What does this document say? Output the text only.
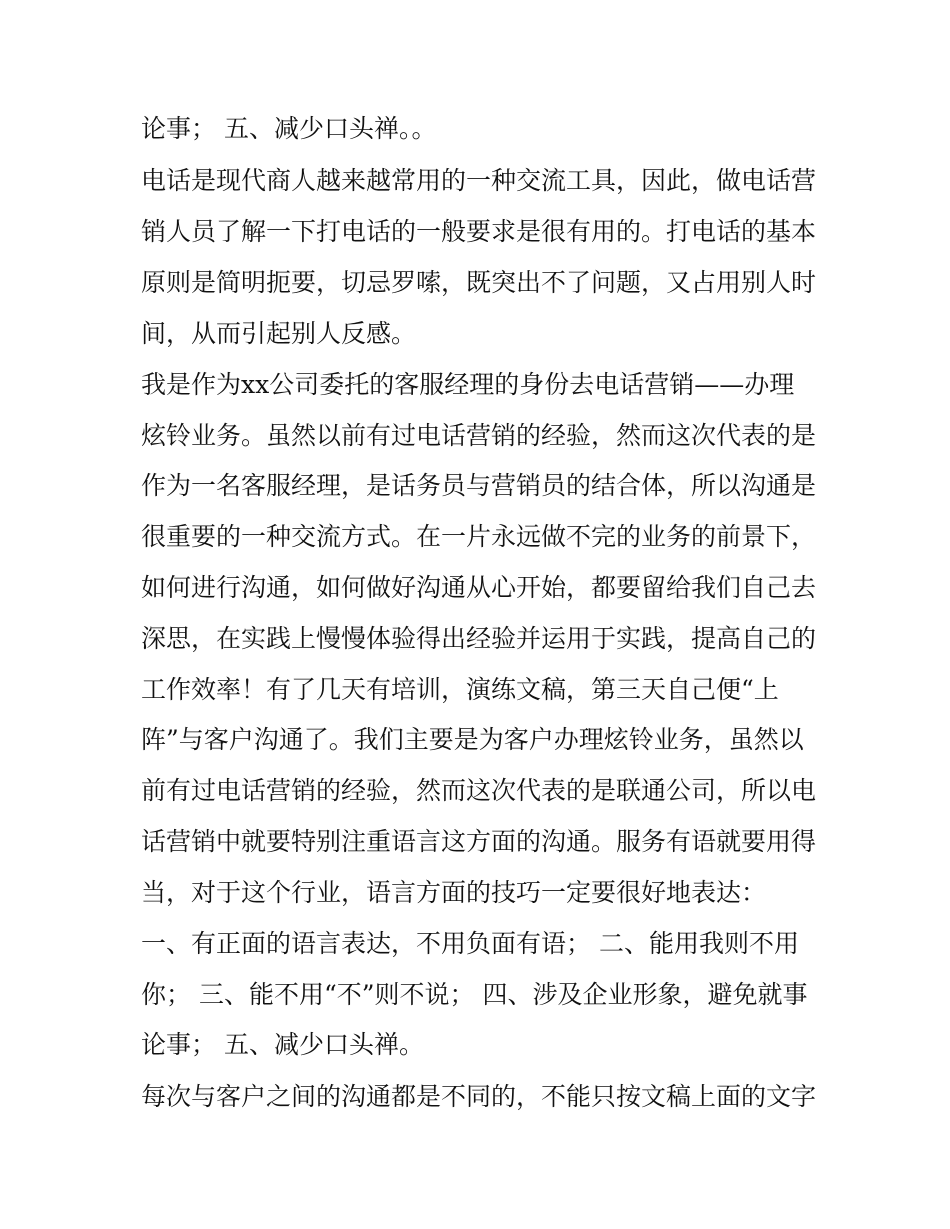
论事； 五、减少口头禅。。

电话是现代商人越来越常用的一种交流工具，因此，做电话营

销人员了解一下打电话的一般要求是很有用的。打电话的基本

原则是简明扼要，切忌罗嗦，既突出不了问题，又占用别人时

间，从而引起别人反感。

我是作为xx公司委托的客服经理的身份去电话营销——办理

炫铃业务。虽然以前有过电话营销的经验，然而这次代表的是

作为一名客服经理，是话务员与营销员的结合体，所以沟通是

很重要的一种交流方式。在一片永远做不完的业务的前景下，

如何进行沟通，如何做好沟通从心开始，都要留给我们自己去

深思，在实践上慢慢体验得出经验并运用于实践，提高自己的

工作效率！有了几天有培训，演练文稿，第三天自己便“上

阵”与客户沟通了。我们主要是为客户办理炫铃业务，虽然以

前有过电话营销的经验，然而这次代表的是联通公司，所以电

话营销中就要特别注重语言这方面的沟通。服务有语就要用得

当，对于这个行业，语言方面的技巧一定要很好地表达：

一、有正面的语言表达，不用负面有语； 二、能用我则不用

你； 三、能不用“不”则不说； 四、涉及企业形象，避免就事

论事； 五、减少口头禅。

每次与客户之间的沟通都是不同的，不能只按文稿上面的文字
